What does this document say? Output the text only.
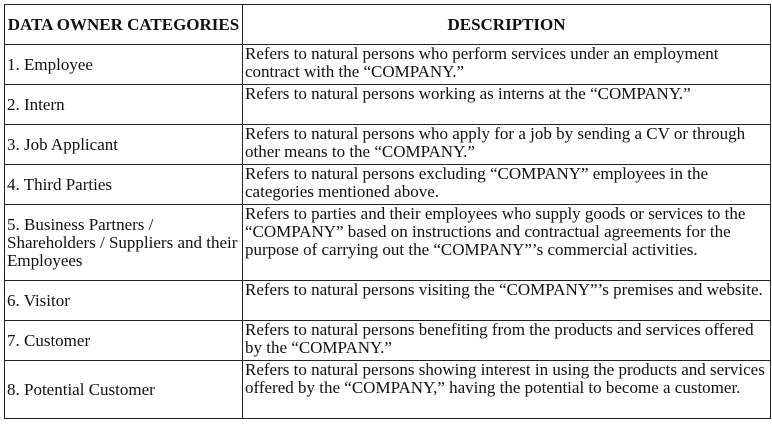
DATA OWNER CATEGORIES	DESCRIPTION
1. Employee	Refers to natural persons who perform services under an employment contract with the “COMPANY.”
2. Intern	Refers to natural persons working as interns at the “COMPANY.”
3. Job Applicant	Refers to natural persons who apply for a job by sending a CV or through other means to the “COMPANY.”
4. Third Parties	Refers to natural persons excluding “COMPANY” employees in the categories mentioned above.
5. Business Partners / Shareholders / Suppliers and their Employees	Refers to parties and their employees who supply goods or services to the “COMPANY” based on instructions and contractual agreements for the purpose of carrying out the “COMPANY”’s commercial activities.
6. Visitor	Refers to natural persons visiting the “COMPANY”’s premises and website.
7. Customer	Refers to natural persons benefiting from the products and services offered by the “COMPANY.”
8. Potential Customer	Refers to natural persons showing interest in using the products and services offered by the “COMPANY,” having the potential to become a customer.
